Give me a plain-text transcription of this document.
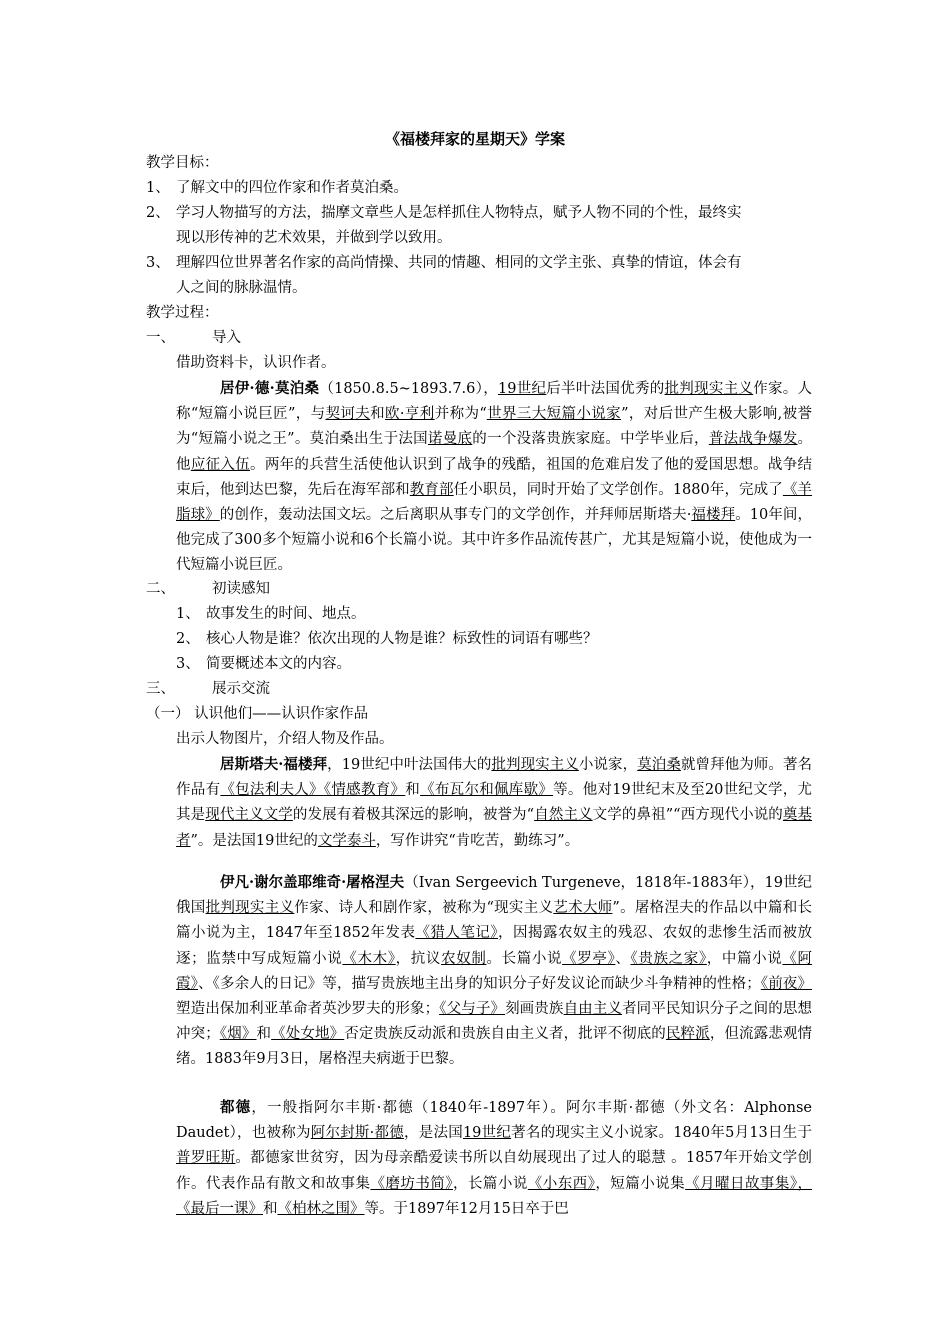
《福楼拜家的星期天》学案
教学目标：
1、 了解文中的四位作家和作者莫泊桑。
2、 学习人物描写的方法，揣摩文章些人是怎样抓住人物特点，赋予人物不同的个性，最终实
现以形传神的艺术效果，并做到学以致用。
3、 理解四位世界著名作家的高尚情操、共同的情趣、相同的文学主张、真挚的情谊，体会有
人之间的脉脉温情。
教学过程：
一、	导入
借助资料卡，认识作者。
居伊·德·莫泊桑（1850.8.5~1893.7.6），19世纪后半叶法国优秀的批判现实主义作家。人称“短篇小说巨匠”，与契诃夫和欧·亨利并称为“世界三大短篇小说家”，对后世产生极大影响,被誉为“短篇小说之王”。莫泊桑出生于法国诺曼底的一个没落贵族家庭。中学毕业后，普法战争爆发。他应征入伍。两年的兵营生活使他认识到了战争的残酷，祖国的危难启发了他的爱国思想。战争结束后，他到达巴黎，先后在海军部和教育部任小职员，同时开始了文学创作。1880年，完成了《羊脂球》的创作，轰动法国文坛。之后离职从事专门的文学创作，并拜师居斯塔夫·福楼拜。10年间，他完成了300多个短篇小说和6个长篇小说。其中许多作品流传甚广，尤其是短篇小说，使他成为一代短篇小说巨匠。
二、	初读感知
1、 故事发生的时间、地点。
2、 核心人物是谁？依次出现的人物是谁？标致性的词语有哪些？
3、 简要概述本文的内容。
三、	展示交流
（一） 认识他们——认识作家作品
出示人物图片，介绍人物及作品。
居斯塔夫·福楼拜，19世纪中叶法国伟大的批判现实主义小说家，莫泊桑就曾拜他为师。著名作品有《包法利夫人》《情感教育》和《布瓦尔和佩库歇》等。他对19世纪末及至20世纪文学，尤其是现代主义文学的发展有着极其深远的影响，被誉为“自然主义文学的鼻祖”“西方现代小说的奠基者”。是法国19世纪的文学泰斗，写作讲究“肯吃苦，勤练习”。
伊凡·谢尔盖耶维奇·屠格涅夫（Ivan Sergeevich Turgeneve，1818年-1883年），19世纪俄国批判现实主义作家、诗人和剧作家，被称为“现实主义艺术大师”。屠格涅夫的作品以中篇和长篇小说为主，1847年至1852年发表《猎人笔记》，因揭露农奴主的残忍、农奴的悲惨生活而被放逐；监禁中写成短篇小说《木木》，抗议农奴制。长篇小说《罗亭》、《贵族之家》，中篇小说《阿霞》、《多余人的日记》等，描写贵族地主出身的知识分子好发议论而缺少斗争精神的性格；《前夜》塑造出保加利亚革命者英沙罗夫的形象；《父与子》刻画贵族自由主义者同平民知识分子之间的思想冲突；《烟》和《处女地》否定贵族反动派和贵族自由主义者，批评不彻底的民粹派，但流露悲观情绪。1883年9月3日，屠格涅夫病逝于巴黎。
都德，一般指阿尔丰斯·都德（1840年-1897年）。阿尔丰斯·都德（外文名：Alphonse Daudet），也被称为阿尔封斯·都德，是法国19世纪著名的现实主义小说家。1840年5月13日生于普罗旺斯。都德家世贫穷，因为母亲酷爱读书所以自幼展现出了过人的聪慧 。1857年开始文学创作。代表作品有散文和故事集《磨坊书简》，长篇小说《小东西》，短篇小说集《月曜日故事集》，《最后一课》和《柏林之围》等。于1897年12月15日卒于巴
